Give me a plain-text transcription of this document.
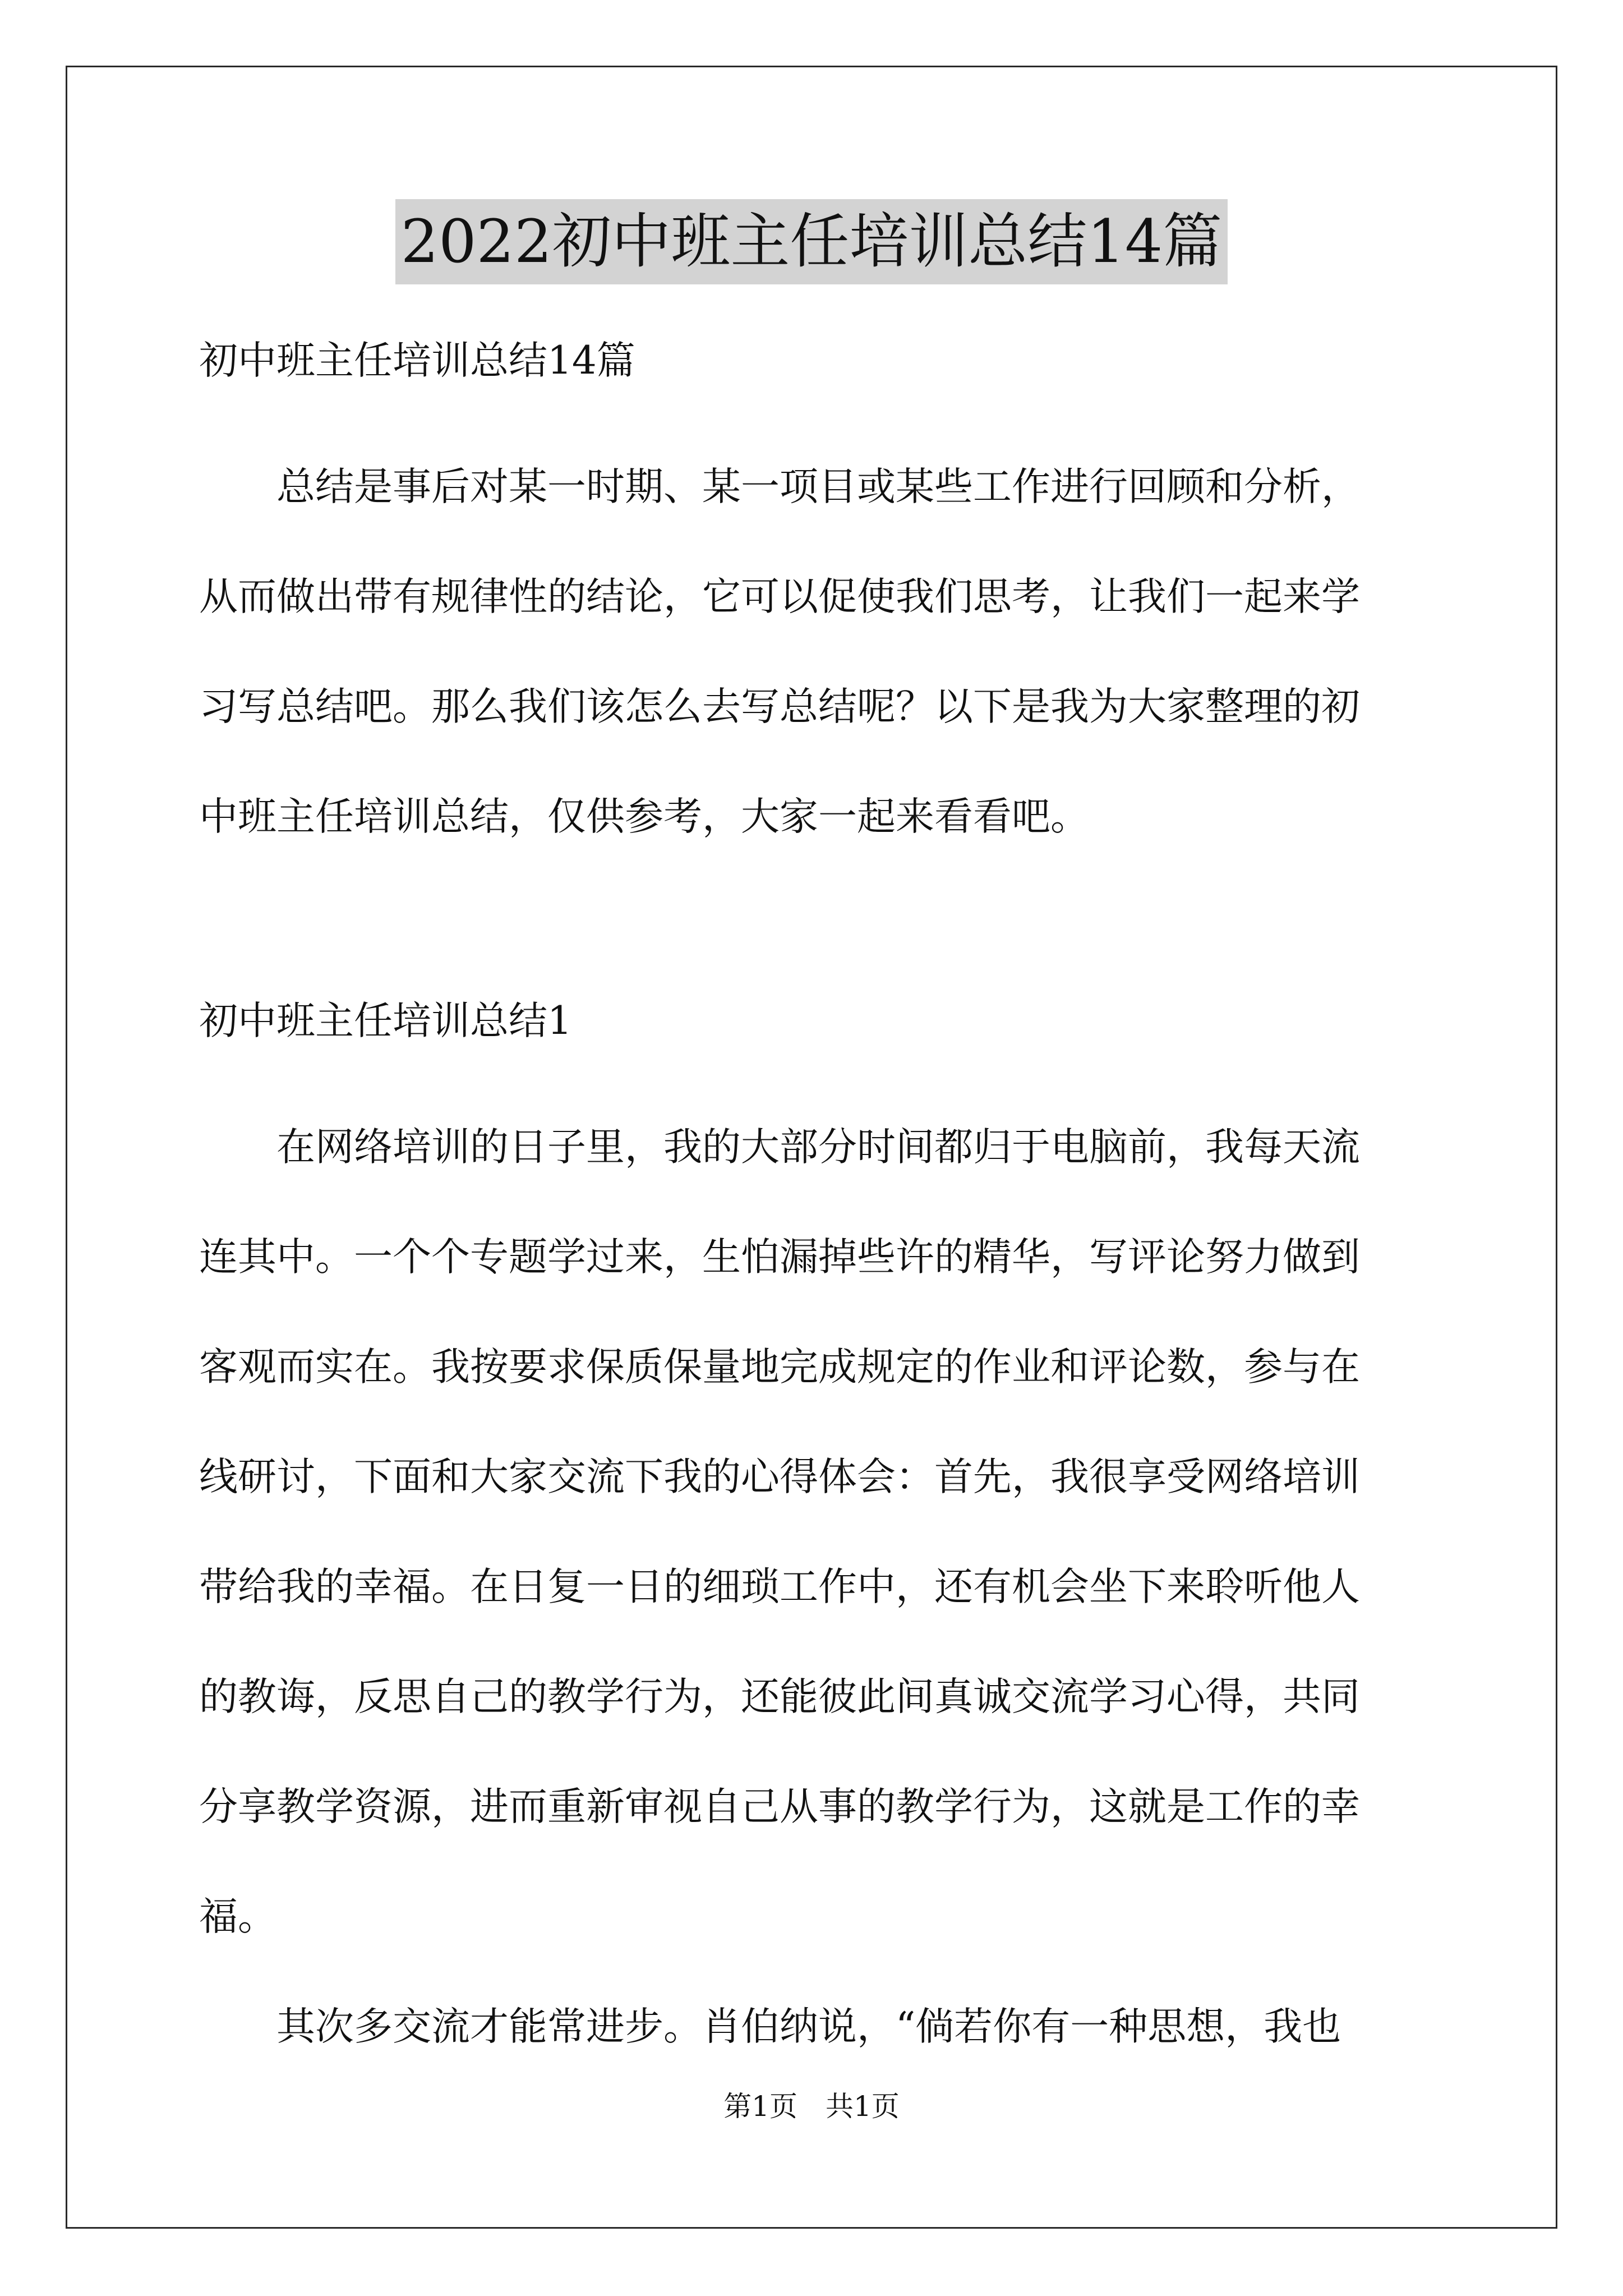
2022初中班主任培训总结14篇
初中班主任培训总结14篇
　　总结是事后对某一时期、某一项目或某些工作进行回顾和分析，
从而做出带有规律性的结论，它可以促使我们思考，让我们一起来学
习写总结吧。那么我们该怎么去写总结呢？以下是我为大家整理的初
中班主任培训总结，仅供参考，大家一起来看看吧。
初中班主任培训总结1
　　在网络培训的日子里，我的大部分时间都归于电脑前，我每天流
连其中。一个个专题学过来，生怕漏掉些许的精华，写评论努力做到
客观而实在。我按要求保质保量地完成规定的作业和评论数，参与在
线研讨，下面和大家交流下我的心得体会：首先，我很享受网络培训
带给我的幸福。在日复一日的细琐工作中，还有机会坐下来聆听他人
的教诲，反思自己的教学行为，还能彼此间真诚交流学习心得，共同
分享教学资源，进而重新审视自己从事的教学行为，这就是工作的幸
福。
　　其次多交流才能常进步。肖伯纳说，“倘若你有一种思想，我也
第1页　共1页
